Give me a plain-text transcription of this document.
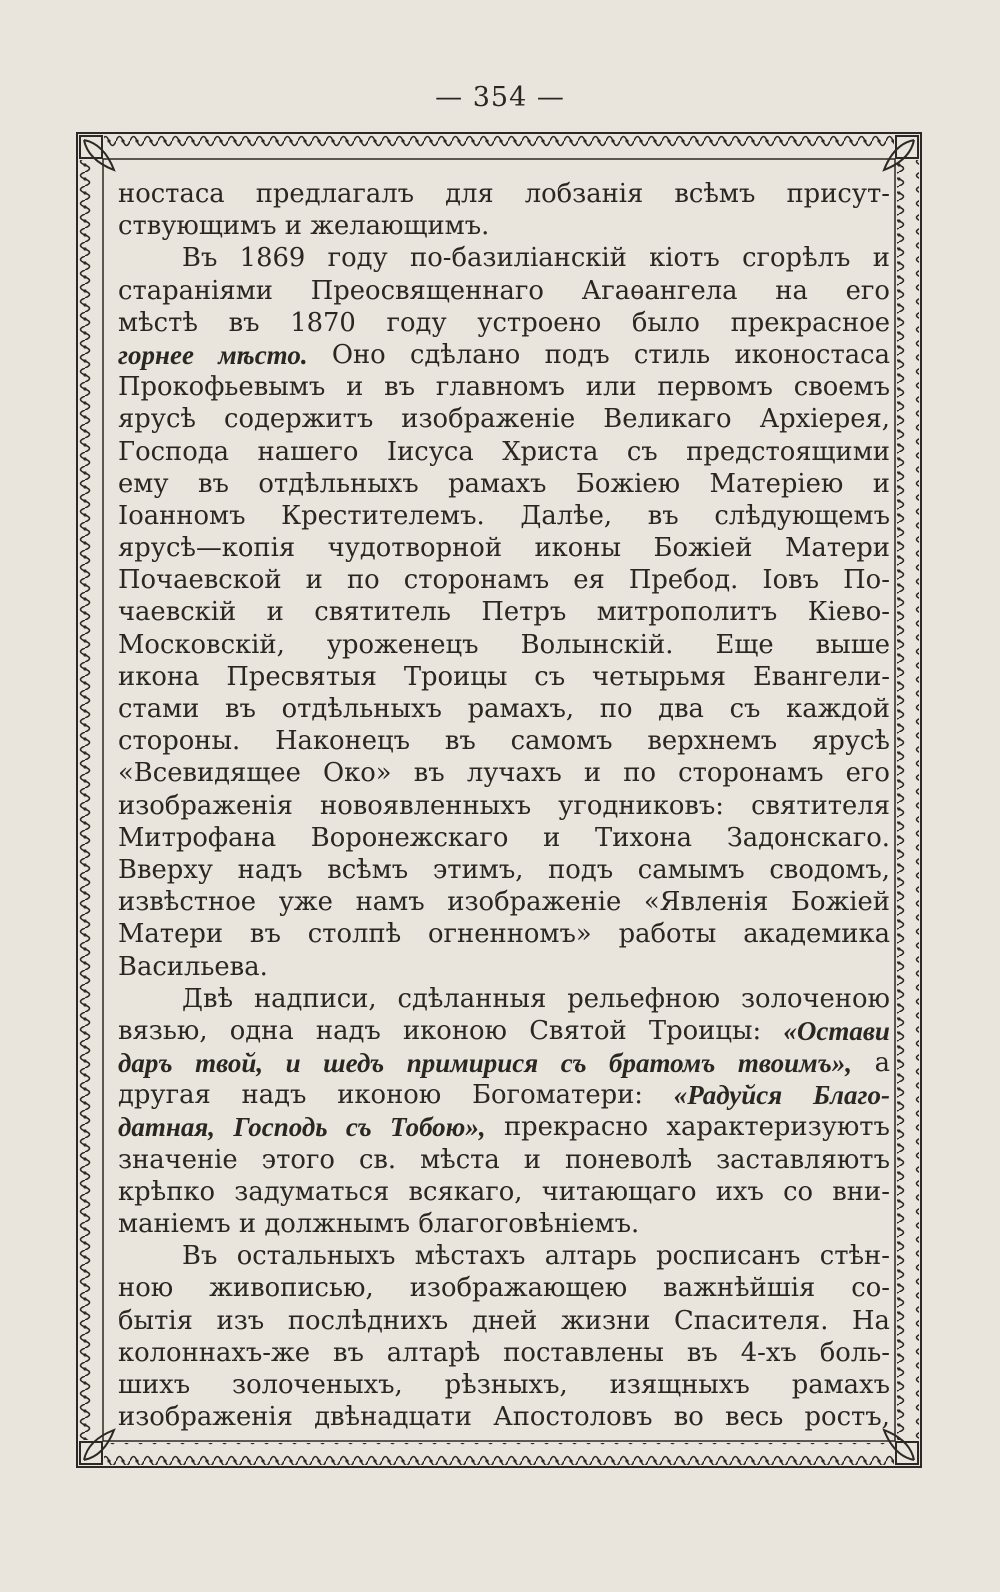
— 354 —
ностаса предлагалъ для лобзанія всѣмъ присут-
ствующимъ и желающимъ.
Въ 1869 году по-базиліанскій кіотъ сгорѣлъ и
стараніями Преосвященнаго Агаѳангела на его
мѣстѣ въ 1870 году устроено было прекрасное
горнее мѣсто. Оно сдѣлано подъ стиль иконостаса
Прокофьевымъ и въ главномъ или первомъ своемъ
ярусѣ содержитъ изображеніе Великаго Архіерея,
Господа нашего Іисуса Христа съ предстоящими
ему въ отдѣльныхъ рамахъ Божіею Матеріею и
Іоанномъ Крестителемъ. Далѣе, въ слѣдующемъ
ярусѣ—копія чудотворной иконы Божіей Матери
Почаевской и по сторонамъ ея Пребод. Іовъ По-
чаевскій и святитель Петръ митрополитъ Кіево-
Московскій, уроженецъ Волынскій. Еще выше
икона Пресвятыя Троицы съ четырьмя Евангели-
стами въ отдѣльныхъ рамахъ, по два съ каждой
стороны. Наконецъ въ самомъ верхнемъ ярусѣ
«Всевидящее Око» въ лучахъ и по сторонамъ его
изображенія новоявленныхъ угодниковъ: святителя
Митрофана Воронежскаго и Тихона Задонскаго.
Вверху надъ всѣмъ этимъ, подъ самымъ сводомъ,
извѣстное уже намъ изображеніе «Явленія Божіей
Матери въ столпѣ огненномъ» работы академика
Васильева.
Двѣ надписи, сдѣланныя рельефною золоченою
вязью, одна надъ иконою Святой Троицы: «Остави
даръ твой, и шедъ примирися съ братомъ твоимъ», а
другая надъ иконою Богоматери: «Радуйся Благо-
датная, Господь съ Тобою», прекрасно характеризуютъ
значеніе этого св. мѣста и поневолѣ заставляютъ
крѣпко задуматься всякаго, читающаго ихъ со вни-
маніемъ и должнымъ благоговѣніемъ.
Въ остальныхъ мѣстахъ алтарь росписанъ стѣн-
ною живописью, изображающею важнѣйшія со-
бытія изъ послѣднихъ дней жизни Спасителя. На
колоннахъ-же въ алтарѣ поставлены въ 4-хъ боль-
шихъ золоченыхъ, рѣзныхъ, изящныхъ рамахъ
изображенія двѣнадцати Апостоловъ во весь ростъ,
